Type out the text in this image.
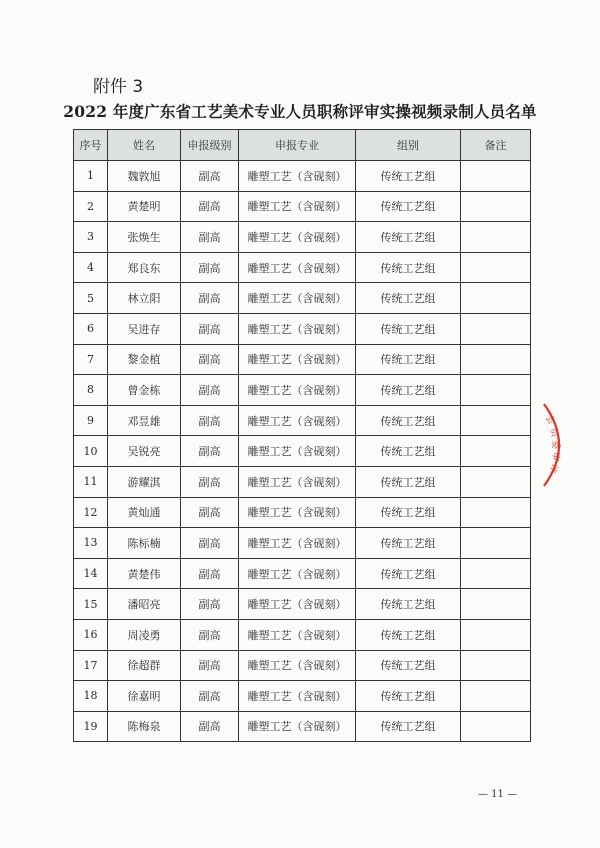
附件 3
2022 年度广东省工艺美术专业人员职称评审实操视频录制人员名单
序号	姓名	申报级别	申报专业	组别	备注
1	魏敦旭	副高	雕塑工艺（含砚刻）	传统工艺组	
2	黄楚明	副高	雕塑工艺（含砚刻）	传统工艺组	
3	张焕生	副高	雕塑工艺（含砚刻）	传统工艺组	
4	郑良东	副高	雕塑工艺（含砚刻）	传统工艺组	
5	林立阳	副高	雕塑工艺（含砚刻）	传统工艺组	
6	吴进存	副高	雕塑工艺（含砚刻）	传统工艺组	
7	黎金植	副高	雕塑工艺（含砚刻）	传统工艺组	
8	曾金栋	副高	雕塑工艺（含砚刻）	传统工艺组	
9	邓昱雄	副高	雕塑工艺（含砚刻）	传统工艺组	
10	吴锐亮	副高	雕塑工艺（含砚刻）	传统工艺组	
11	游耀淇	副高	雕塑工艺（含砚刻）	传统工艺组	
12	黄灿通	副高	雕塑工艺（含砚刻）	传统工艺组	
13	陈标楠	副高	雕塑工艺（含砚刻）	传统工艺组	
14	黄楚伟	副高	雕塑工艺（含砚刻）	传统工艺组	
15	潘昭亮	副高	雕塑工艺（含砚刻）	传统工艺组	
16	周凌勇	副高	雕塑工艺（含砚刻）	传统工艺组	
17	徐超群	副高	雕塑工艺（含砚刻）	传统工艺组	
18	徐嘉明	副高	雕塑工艺（含砚刻）	传统工艺组	
19	陈梅泉	副高	雕塑工艺（含砚刻）	传统工艺组	
会
员
委
审
评
— 11 —
